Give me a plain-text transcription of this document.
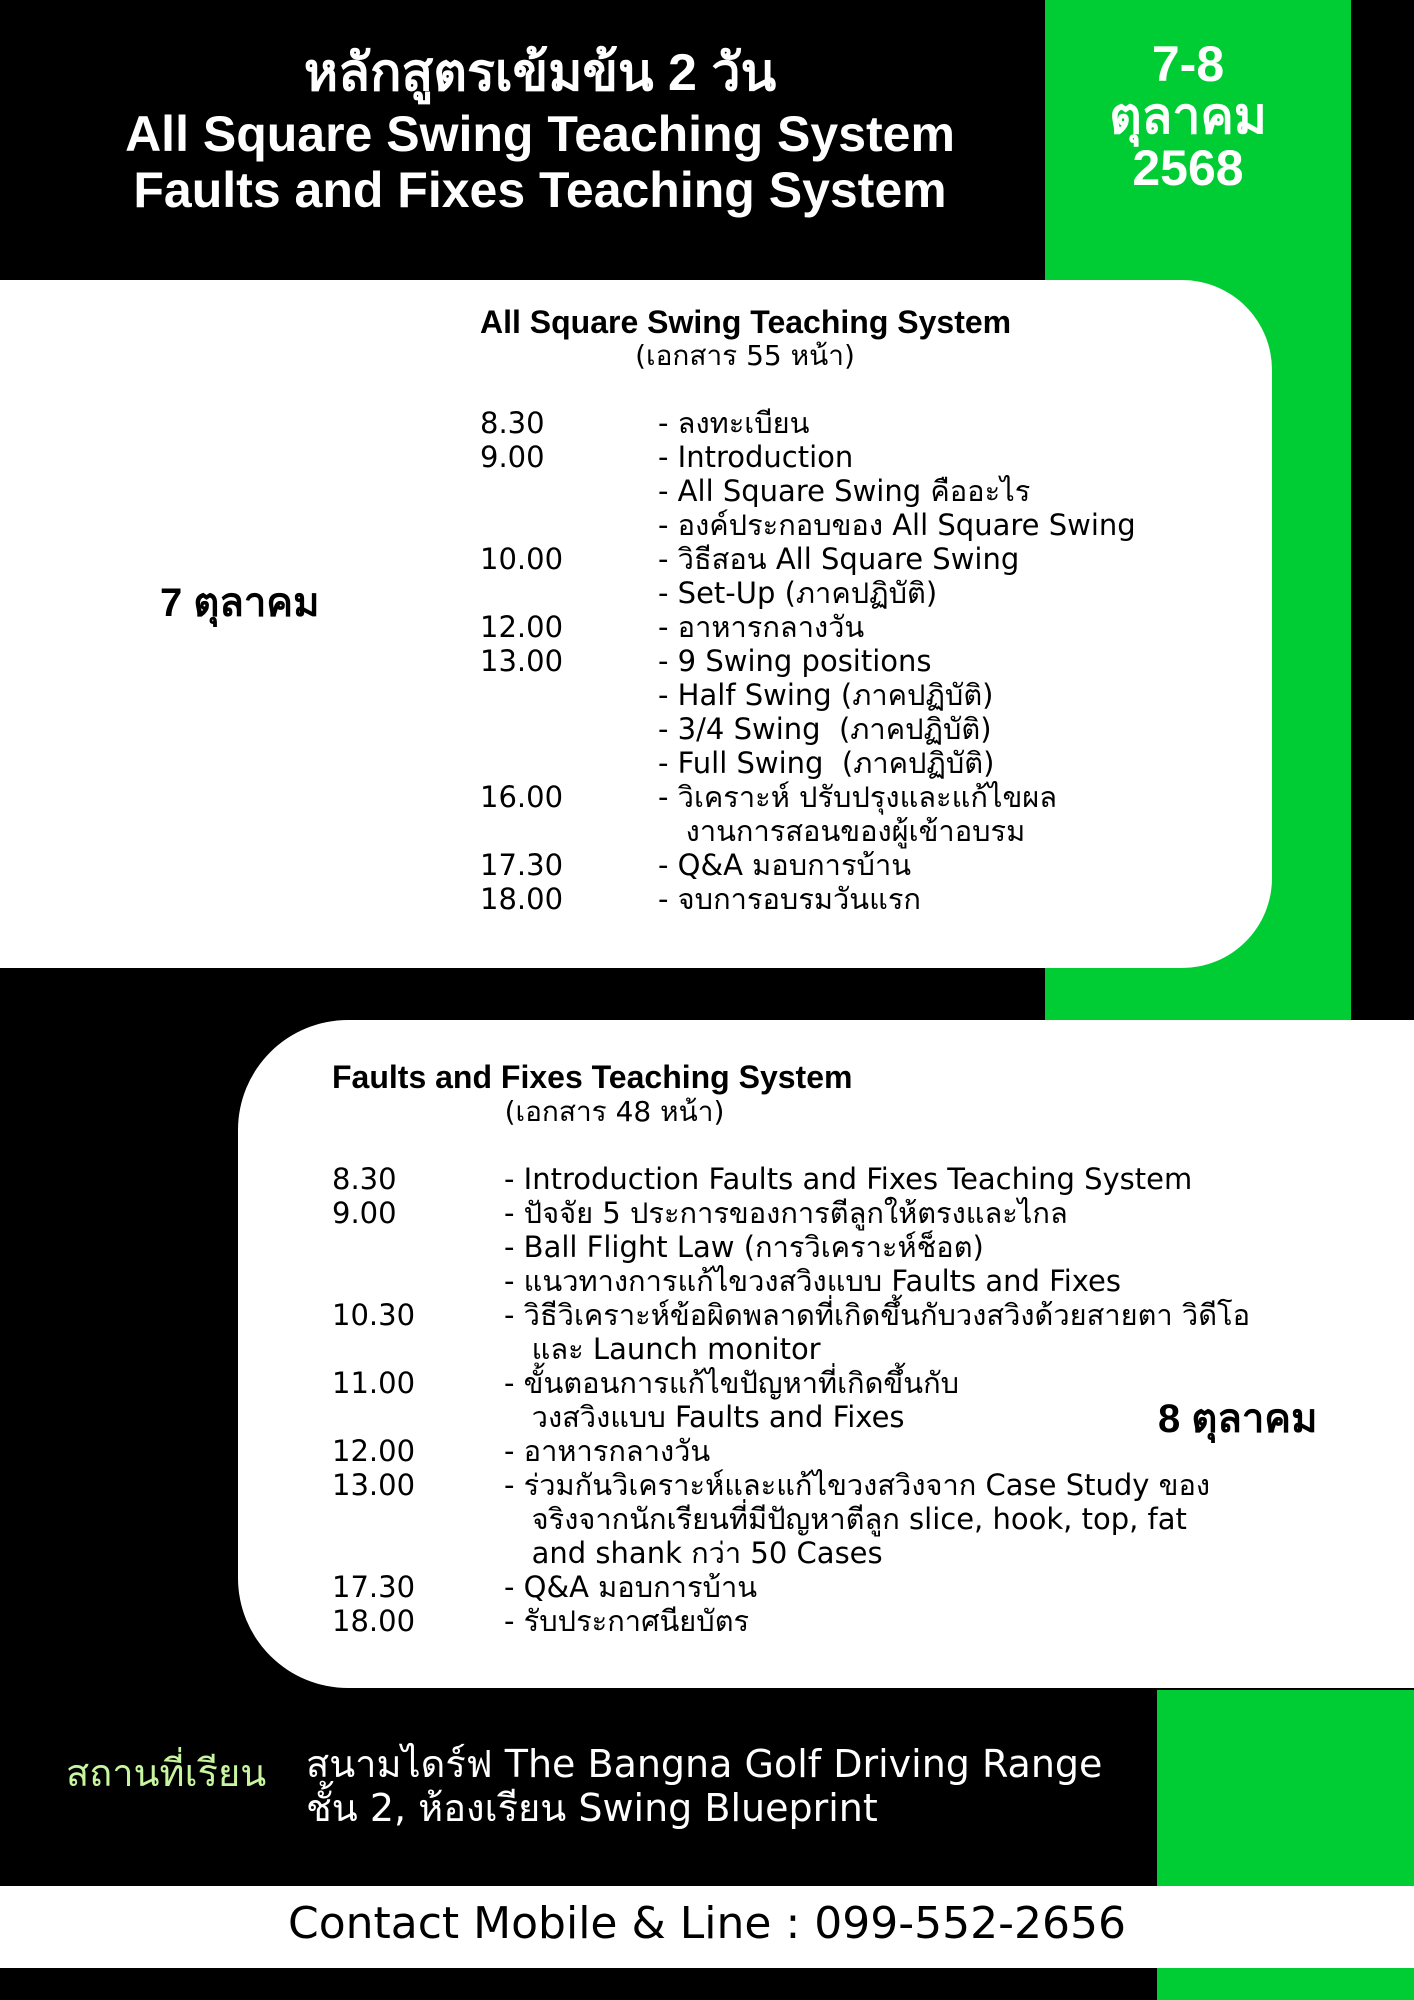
หลักสูตรเข้มข้น 2 วัน
All Square Swing Teaching System
Faults and Fixes Teaching System
7-8
ตุลาคม
2568
All Square Swing Teaching System
(เอกสาร 55 หน้า)
8.30	- ลงทะเบียน
9.00	- Introduction
- All Square Swing คืออะไร
- องค์ประกอบของ All Square Swing
10.00	- วิธีสอน All Square Swing
- Set-Up (ภาคปฏิบัติ)
12.00	- อาหารกลางวัน
13.00	- 9 Swing positions
- Half Swing (ภาคปฏิบัติ)
- 3/4 Swing  (ภาคปฏิบัติ)
- Full Swing  (ภาคปฏิบัติ)
16.00	- วิเคราะห์ ปรับปรุงและแก้ไขผล
งานการสอนของผู้เข้าอบรม
17.30	- Q&A มอบการบ้าน
18.00	- จบการอบรมวันแรก
7 ตุลาคม
Faults and Fixes Teaching System
(เอกสาร 48 หน้า)
8.30	- Introduction Faults and Fixes Teaching System
9.00	- ปัจจัย 5 ประการของการตีลูกให้ตรงและไกล
- Ball Flight Law (การวิเคราะห์ช็อต)
- แนวทางการแก้ไขวงสวิงแบบ Faults and Fixes
10.30	- วิธีวิเคราะห์ข้อผิดพลาดที่เกิดขึ้นกับวงสวิงด้วยสายตา วิดีโอ
และ Launch monitor
11.00	- ขั้นตอนการแก้ไขปัญหาที่เกิดขึ้นกับ
วงสวิงแบบ Faults and Fixes
12.00	- อาหารกลางวัน
13.00	- ร่วมกันวิเคราะห์และแก้ไขวงสวิงจาก Case Study ของ
จริงจากนักเรียนที่มีปัญหาตีลูก slice, hook, top, fat
and shank กว่า 50 Cases
17.30	- Q&A มอบการบ้าน
18.00	- รับประกาศนียบัตร
8 ตุลาคม
สถานที่เรียน สนามไดร์ฟ The Bangna Golf Driving Range
ชั้น 2, ห้องเรียน Swing Blueprint
Contact Mobile & Line : 099-552-2656
